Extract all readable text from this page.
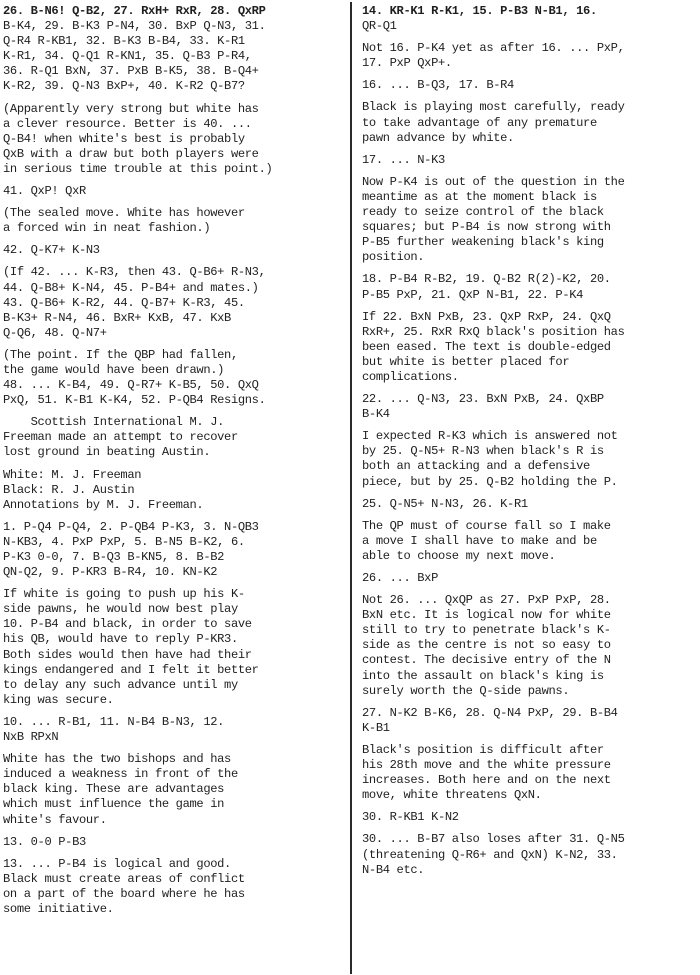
26. B-N6! Q-B2, 27. RxH+ RxR, 28. QxRP
B-K4, 29. B-K3 P-N4, 30. BxP Q-N3, 31.
Q-R4 R-KB1, 32. B-K3 B-B4, 33. K-R1
K-R1, 34. Q-Q1 R-KN1, 35. Q-B3 P-R4,
36. R-Q1 BxN, 37. PxB B-K5, 38. B-Q4+
K-R2, 39. Q-N3 BxP+, 40. K-R2 Q-B7?
(Apparently very strong but white has
a clever resource. Better is 40. ...
Q-B4! when white's best is probably
QxB with a draw but both players were
in serious time trouble at this point.)
41. QxP! QxR
(The sealed move. White has however
a forced win in neat fashion.)
42. Q-K7+ K-N3
(If 42. ... K-R3, then 43. Q-B6+ R-N3,
44. Q-B8+ K-N4, 45. P-B4+ and mates.)
43. Q-B6+ K-R2, 44. Q-B7+ K-R3, 45.
B-K3+ R-N4, 46. BxR+ KxB, 47. KxB
Q-Q6, 48. Q-N7+
(The point. If the QBP had fallen,
the game would have been drawn.)
48. ... K-B4, 49. Q-R7+ K-B5, 50. QxQ
PxQ, 51. K-B1 K-K4, 52. P-QB4 Resigns.
Scottish International M. J.
Freeman made an attempt to recover
lost ground in beating Austin.
White: M. J. Freeman
Black: R. J. Austin
Annotations by M. J. Freeman.
1. P-Q4 P-Q4, 2. P-QB4 P-K3, 3. N-QB3
N-KB3, 4. PxP PxP, 5. B-N5 B-K2, 6.
P-K3 0-0, 7. B-Q3 B-KN5, 8. B-B2
QN-Q2, 9. P-KR3 B-R4, 10. KN-K2
If white is going to push up his K-
side pawns, he would now best play
10. P-B4 and black, in order to save
his QB, would have to reply P-KR3.
Both sides would then have had their
kings endangered and I felt it better
to delay any such advance until my
king was secure.
10. ... R-B1, 11. N-B4 B-N3, 12.
NxB RPxN
White has the two bishops and has
induced a weakness in front of the
black king. These are advantages
which must influence the game in
white's favour.
13. 0-0 P-B3
13. ... P-B4 is logical and good.
Black must create areas of conflict
on a part of the board where he has
some initiative.
14. KR-K1 R-K1, 15. P-B3 N-B1, 16.
QR-Q1
Not 16. P-K4 yet as after 16. ... PxP,
17. PxP QxP+.
16. ... B-Q3, 17. B-R4
Black is playing most carefully, ready
to take advantage of any premature
pawn advance by white.
17. ... N-K3
Now P-K4 is out of the question in the
meantime as at the moment black is
ready to seize control of the black
squares; but P-B4 is now strong with
P-B5 further weakening black's king
position.
18. P-B4 R-B2, 19. Q-B2 R(2)-K2, 20.
P-B5 PxP, 21. QxP N-B1, 22. P-K4
If 22. BxN PxB, 23. QxP RxP, 24. QxQ
RxR+, 25. RxR RxQ black's position has
been eased. The text is double-edged
but white is better placed for
complications.
22. ... Q-N3, 23. BxN PxB, 24. QxBP
B-K4
I expected R-K3 which is answered not
by 25. Q-N5+ R-N3 when black's R is
both an attacking and a defensive
piece, but by 25. Q-B2 holding the P.
25. Q-N5+ N-N3, 26. K-R1
The QP must of course fall so I make
a move I shall have to make and be
able to choose my next move.
26. ... BxP
Not 26. ... QxQP as 27. PxP PxP, 28.
BxN etc. It is logical now for white
still to try to penetrate black's K-
side as the centre is not so easy to
contest. The decisive entry of the N
into the assault on black's king is
surely worth the Q-side pawns.
27. N-K2 B-K6, 28. Q-N4 PxP, 29. B-B4
K-B1
Black's position is difficult after
his 28th move and the white pressure
increases. Both here and on the next
move, white threatens QxN.
30. R-KB1 K-N2
30. ... B-B7 also loses after 31. Q-N5
(threatening Q-R6+ and QxN) K-N2, 33.
N-B4 etc.
